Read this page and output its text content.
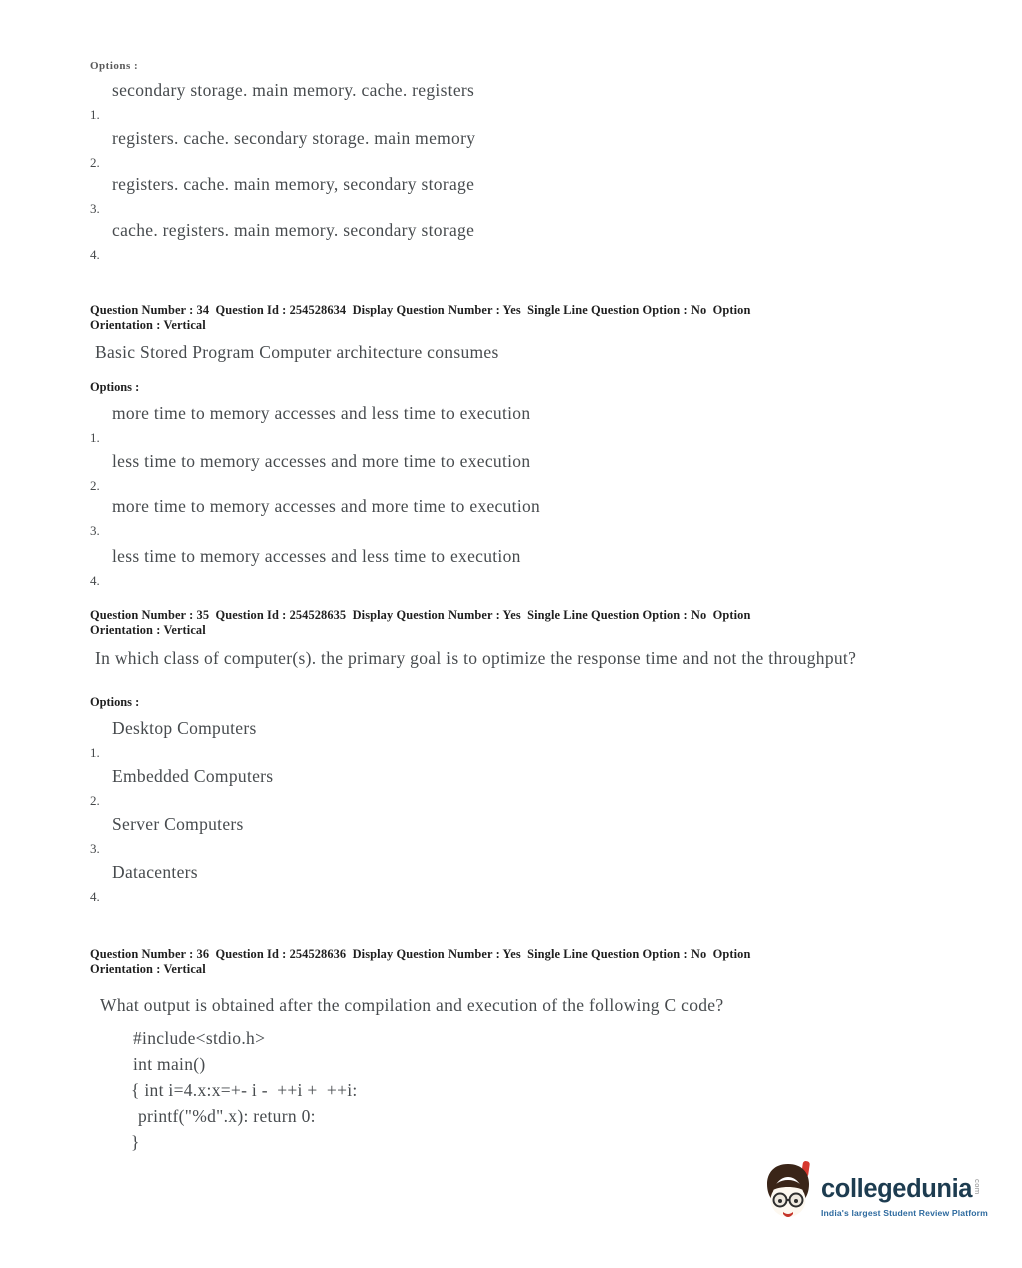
Options :
1.
secondary storage. main memory. cache. registers
2.
registers. cache. secondary storage. main memory
3.
registers. cache. main memory, secondary storage
4.
cache. registers. main memory. secondary storage
Question Number : 34  Question Id : 254528634  Display Question Number : Yes  Single Line Question Option : No  Option
Orientation : Vertical
Basic Stored Program Computer architecture consumes
Options :
1.
more time to memory accesses and less time to execution
2.
less time to memory accesses and more time to execution
3.
more time to memory accesses and more time to execution
4.
less time to memory accesses and less time to execution
Question Number : 35  Question Id : 254528635  Display Question Number : Yes  Single Line Question Option : No  Option
Orientation : Vertical
In which class of computer(s). the primary goal is to optimize the response time and not the throughput?
Options :
1.
Desktop Computers
2.
Embedded Computers
3.
Server Computers
4.
Datacenters
Question Number : 36  Question Id : 254528636  Display Question Number : Yes  Single Line Question Option : No  Option
Orientation : Vertical
What output is obtained after the compilation and execution of the following C code?
#include<stdio.h>
int main()
{ int i=4.x:x=+- i -  ++i +  ++i:
printf("%d".x): return 0:
}
collegedunia com
India's largest Student Review Platform
